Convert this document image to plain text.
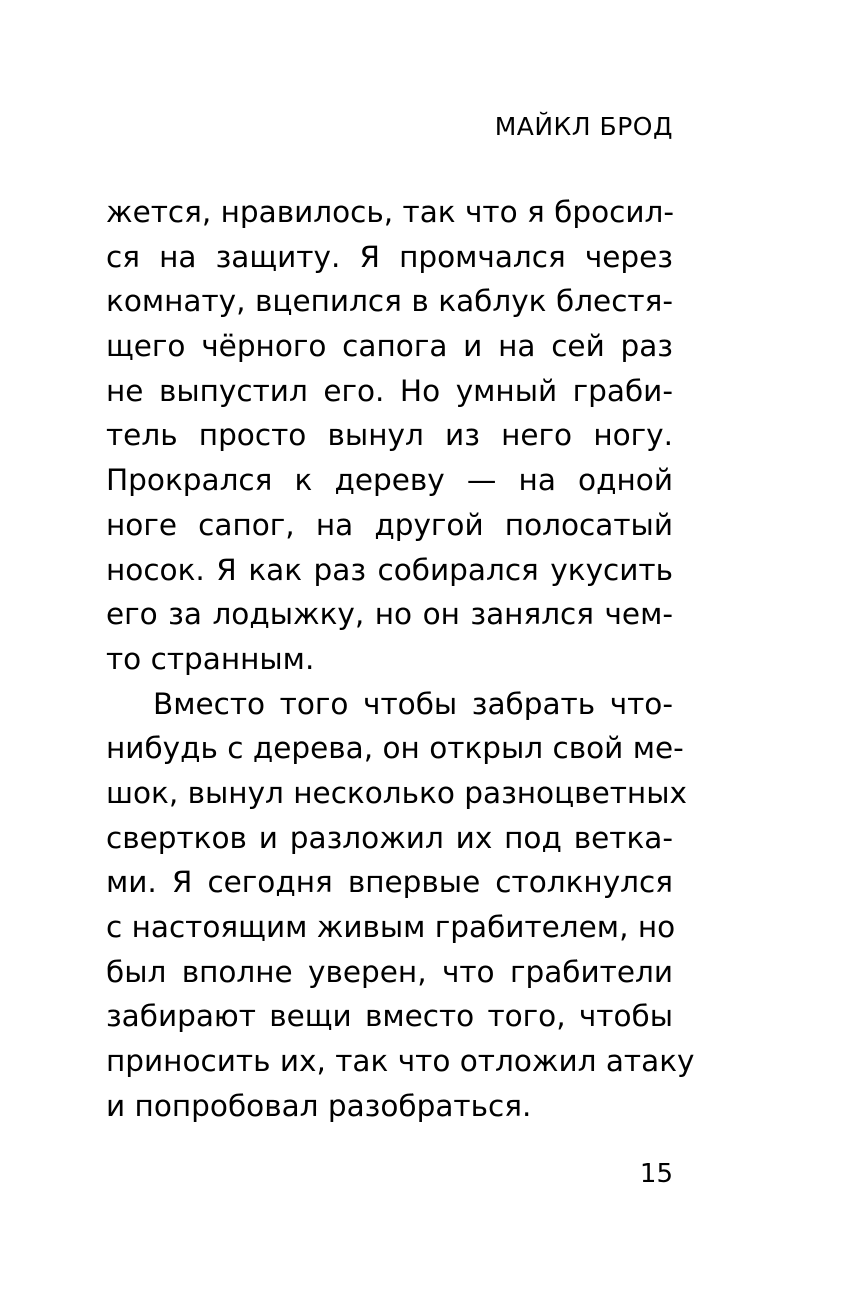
МАЙКЛ БРОД
жется, нравилось, так что я бросил-
ся на защиту. Я промчался через
комнату, вцепился в каблук блестя-
щего чёрного сапога и на сей раз
не выпустил его. Но умный граби-
тель просто вынул из него ногу.
Прокрался к дереву — на одной
ноге сапог, на другой полосатый
носок. Я как раз собирался укусить
его за лодыжку, но он занялся чем-
то странным.
Вместо того чтобы забрать что-
нибудь с дерева, он открыл свой ме-
шок, вынул несколько разноцветных
свертков и разложил их под ветка-
ми. Я сегодня впервые столкнулся
с настоящим живым грабителем, но
был вполне уверен, что грабители
забирают вещи вместо того, чтобы
приносить их, так что отложил атаку
и попробовал разобраться.
15
